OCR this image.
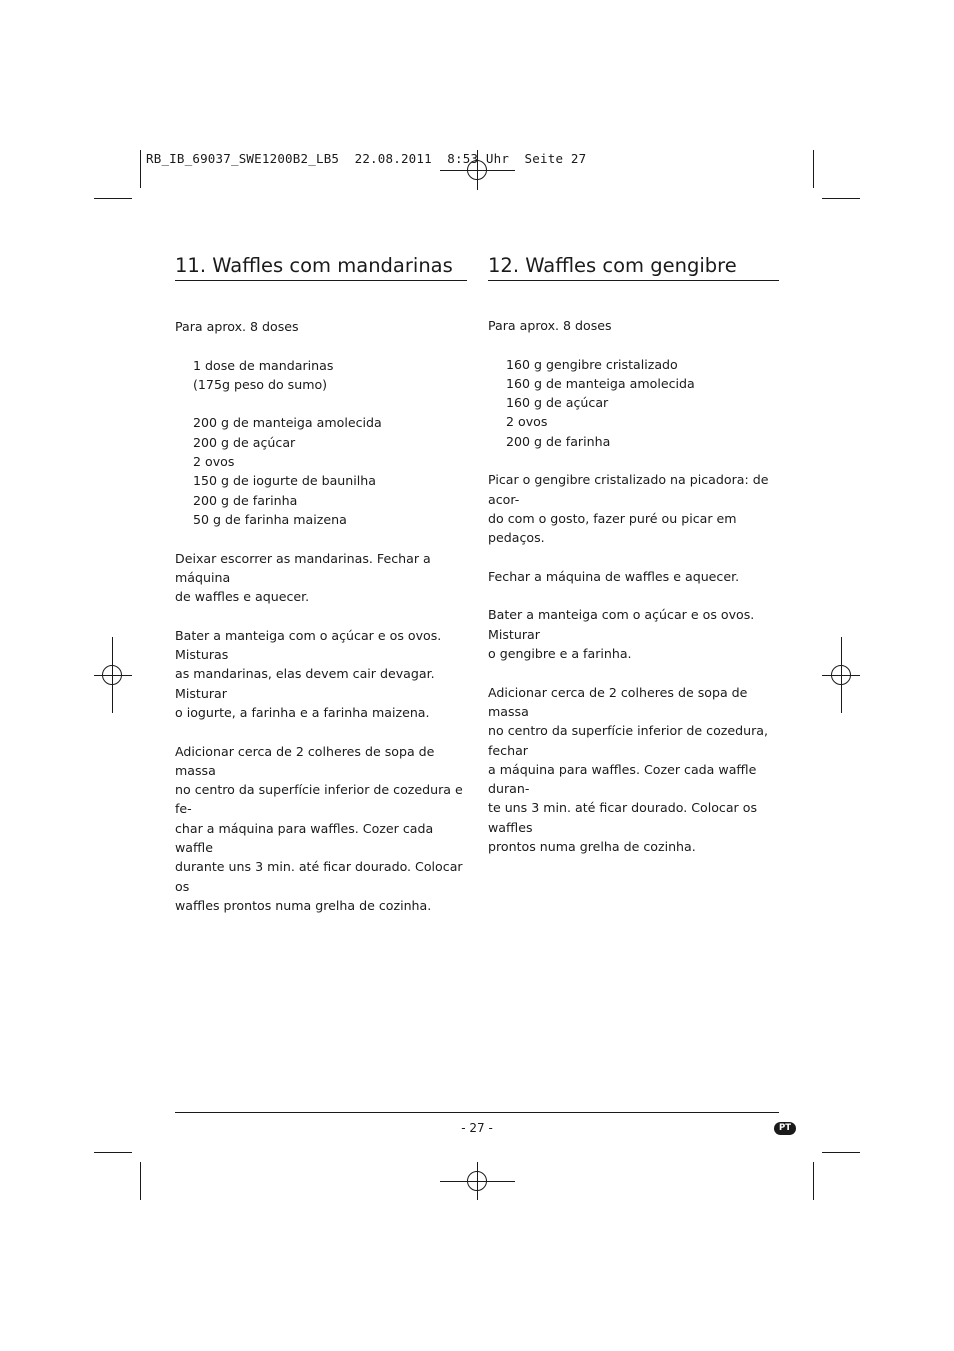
RB_IB_69037_SWE1200B2_LB5  22.08.2011  8:53 Uhr  Seite 27
11. Waffles com mandarinas

Para aprox. 8 doses

1 dose de mandarinas

(175g peso do sumo)

200 g de manteiga amolecida

200 g de açúcar

2 ovos

150 g de iogurte de baunilha

200 g de farinha

50 g de farinha maizena

Deixar escorrer as mandarinas. Fechar a máquina

de waffles e aquecer.

Bater a manteiga com o açúcar e os ovos. Misturas

as mandarinas, elas devem cair devagar. Misturar

o iogurte, a farinha e a farinha maizena.

Adicionar cerca de 2 colheres de sopa de massa

no centro da superfície inferior de cozedura e fe-

char a máquina para waffles. Cozer cada waffle

durante uns 3 min. até ficar dourado. Colocar os

waffles prontos numa grelha de cozinha.

12. Waffles com gengibre

Para aprox. 8 doses

160 g gengibre cristalizado

160 g de manteiga amolecida

160 g de açúcar

2 ovos

200 g de farinha

Picar o gengibre cristalizado na picadora: de acor-

do com o gosto, fazer puré ou picar em pedaços.

Fechar a máquina de waffles e aquecer.

Bater a manteiga com o açúcar e os ovos. Misturar

o gengibre e a farinha.

Adicionar cerca de 2 colheres de sopa de massa

no centro da superfície inferior de cozedura, fechar

a máquina para waffles. Cozer cada waffle duran-

te uns 3 min. até ficar dourado. Colocar os waffles

prontos numa grelha de cozinha.

- 27 -	PT
